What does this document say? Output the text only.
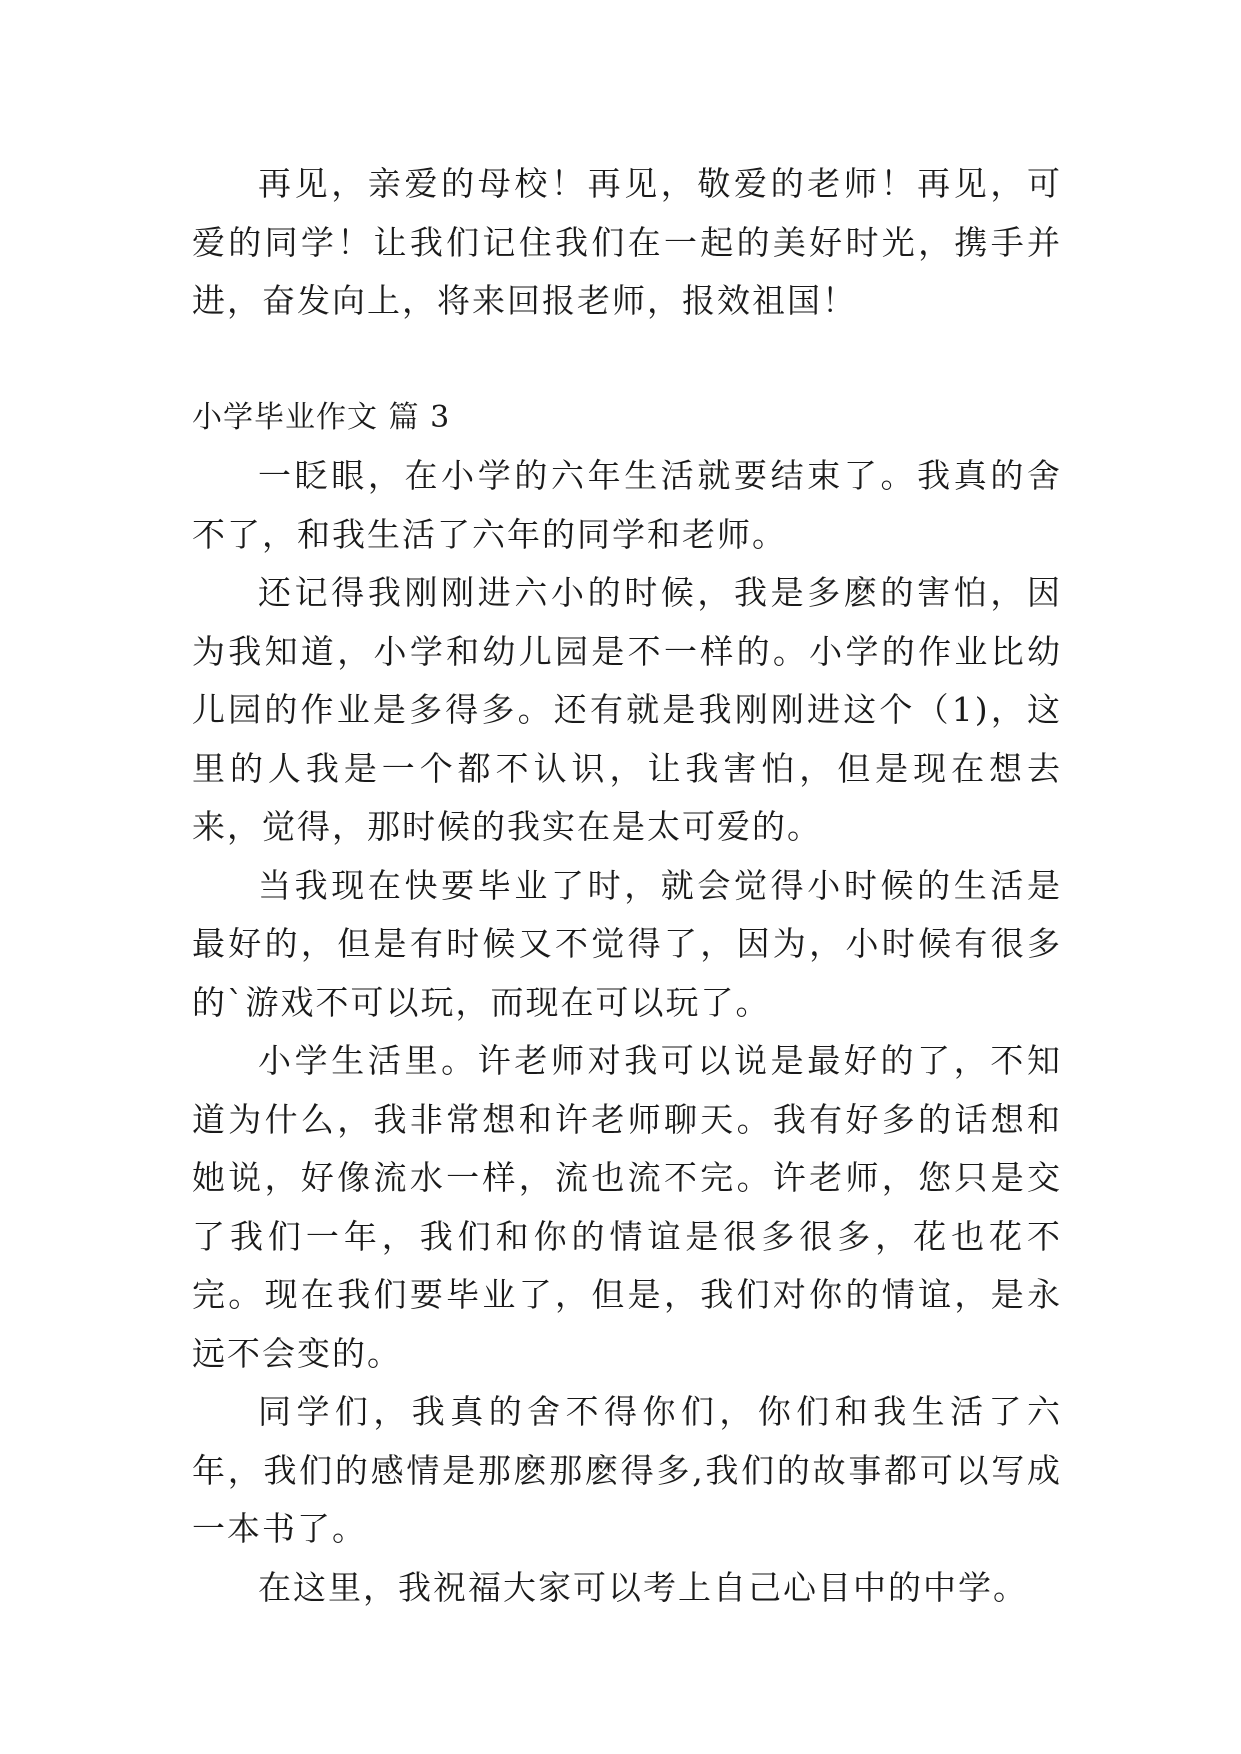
再见，亲爱的母校！再见，敬爱的老师！再见，可爱的同学！让我们记住我们在一起的美好时光，携手并进，奋发向上，将来回报老师，报效祖国！

小学毕业作文 篇 3

一眨眼，在小学的六年生活就要结束了。我真的舍不了，和我生活了六年的同学和老师。

还记得我刚刚进六小的时候，我是多麽的害怕，因为我知道，小学和幼儿园是不一样的。小学的作业比幼儿园的作业是多得多。还有就是我刚刚进这个（1)，这里的人我是一个都不认识，让我害怕，但是现在想去来，觉得，那时候的我实在是太可爱的。

当我现在快要毕业了时，就会觉得小时候的生活是最好的，但是有时候又不觉得了，因为，小时候有很多的`游戏不可以玩，而现在可以玩了。

小学生活里。许老师对我可以说是最好的了，不知道为什么，我非常想和许老师聊天。我有好多的话想和她说，好像流水一样，流也流不完。许老师，您只是交了我们一年，我们和你的情谊是很多很多，花也花不完。现在我们要毕业了，但是，我们对你的情谊，是永远不会变的。

同学们，我真的舍不得你们，你们和我生活了六年，我们的感情是那麽那麽得多,我们的故事都可以写成一本书了。

在这里，我祝福大家可以考上自己心目中的中学。
